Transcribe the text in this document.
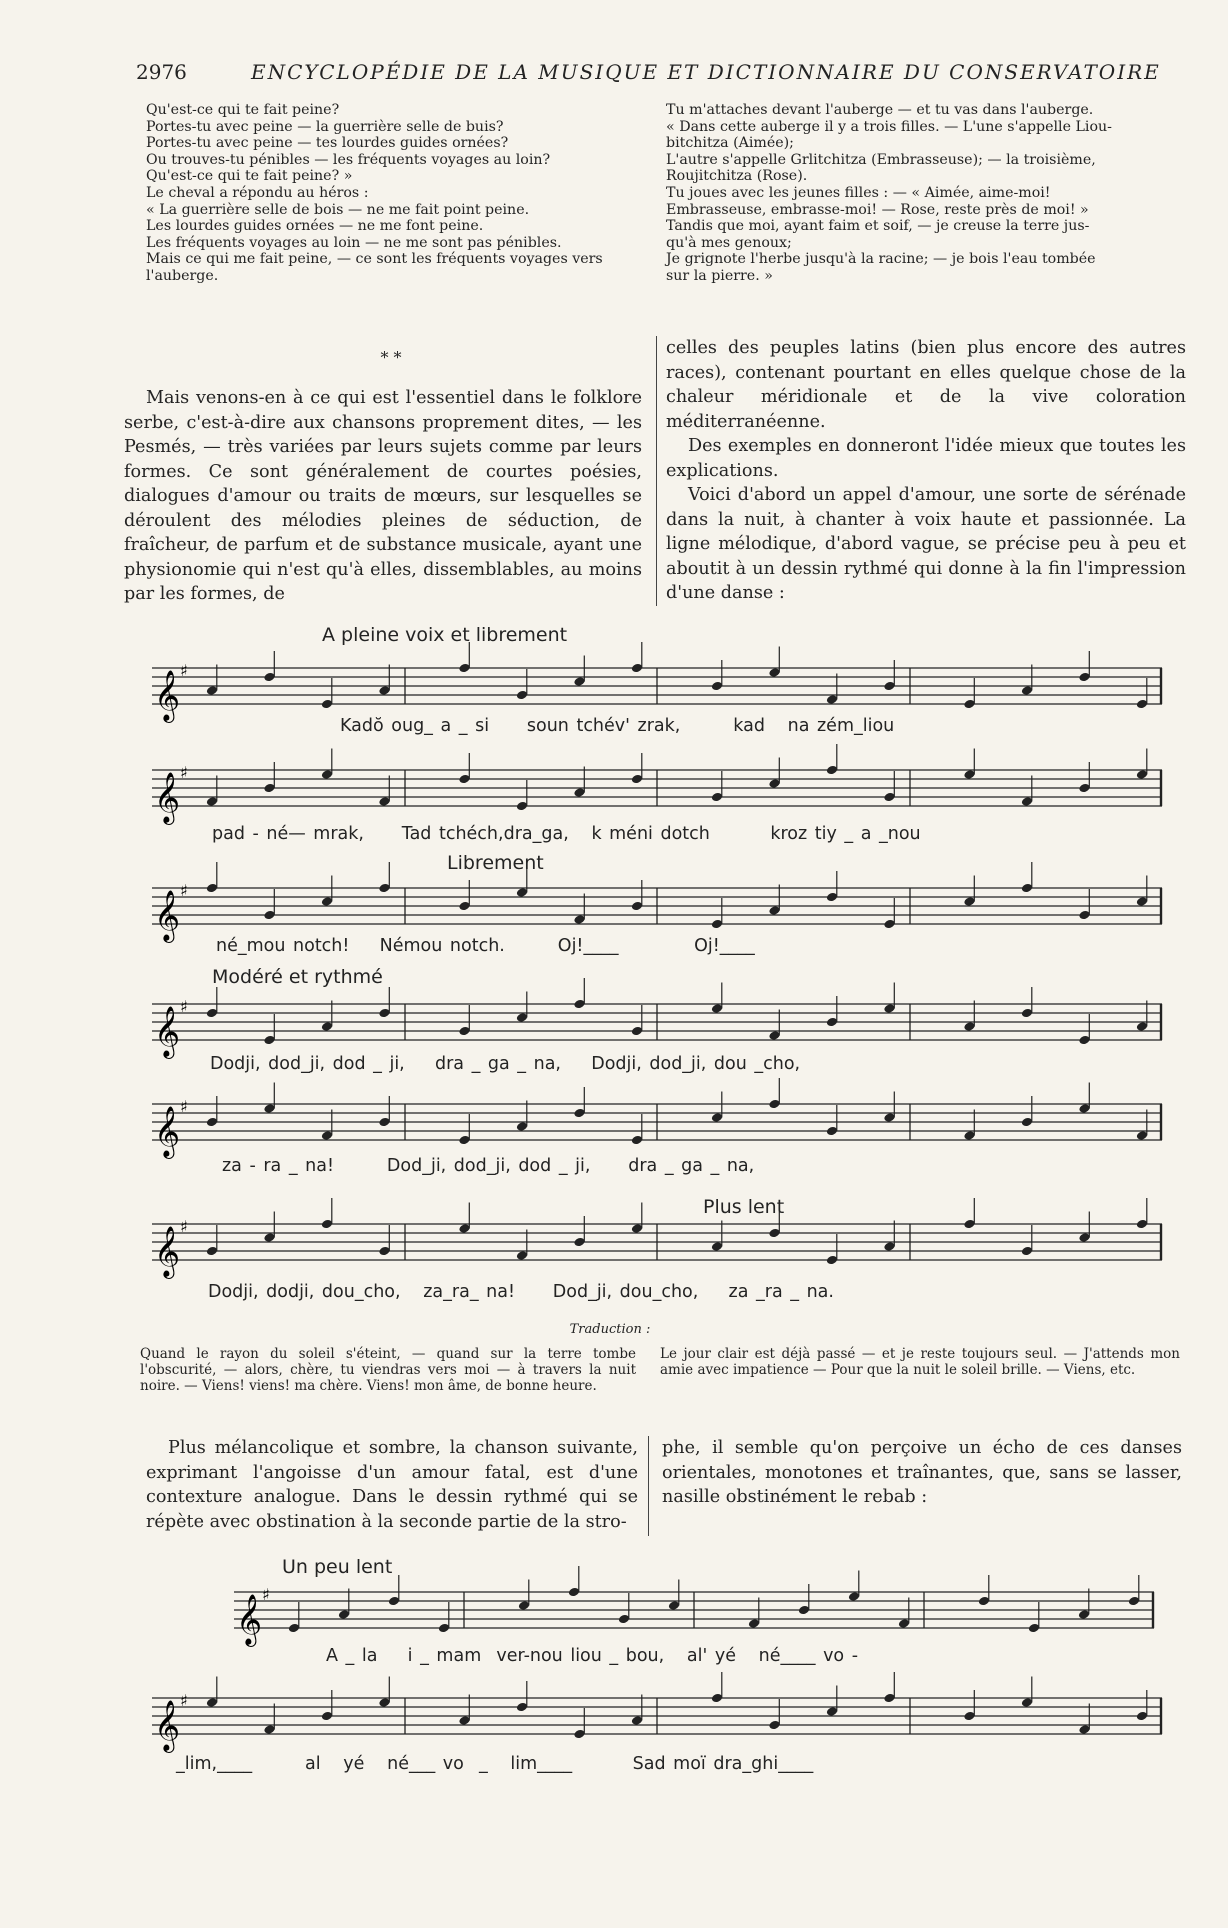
2976	ENCYCLOPÉDIE DE LA MUSIQUE ET DICTIONNAIRE DU CONSERVATOIRE
Qu'est-ce qui te fait peine?
Portes-tu avec peine — la guerrière selle de buis?
Portes-tu avec peine — tes lourdes guides ornées?
Ou trouves-tu pénibles — les fréquents voyages au loin?
Qu'est-ce qui te fait peine? »
Le cheval a répondu au héros :
« La guerrière selle de bois — ne me fait point peine.
Les lourdes guides ornées — ne me font peine.
Les fréquents voyages au loin — ne me sont pas pénibles.
Mais ce qui me fait peine, — ce sont les fréquents voyages vers
l'auberge.
Tu m'attaches devant l'auberge — et tu vas dans l'auberge.
« Dans cette auberge il y a trois filles. — L'une s'appelle Liou-
bitchitza (Aimée);
L'autre s'appelle Grlitchitza (Embrasseuse); — la troisième,
Roujitchitza (Rose).
Tu joues avec les jeunes filles : — « Aimée, aime-moi!
Embrasseuse, embrasse-moi! — Rose, reste près de moi! »
Tandis que moi, ayant faim et soif, — je creuse la terre jus-
qu'à mes genoux;
Je grignote l'herbe jusqu'à la racine; — je bois l'eau tombée
sur la pierre. »
* *

Mais venons-en à ce qui est l'essentiel dans le folklore serbe, c'est-à-dire aux chansons proprement dites, — les Pesmés, — très variées par leurs sujets comme par leurs formes. Ce sont généralement de courtes poésies, dialogues d'amour ou traits de mœurs, sur lesquelles se déroulent des mélodies pleines de séduction, de fraîcheur, de parfum et de substance musicale, ayant une physionomie qui n'est qu'à elles, dissemblables, au moins par les formes, de

celles des peuples latins (bien plus encore des autres races), contenant pourtant en elles quelque chose de la chaleur méridionale et de la vive coloration méditerranéenne.

Des exemples en donneront l'idée mieux que toutes les explications.

Voici d'abord un appel d'amour, une sorte de sérénade dans la nuit, à chanter à voix haute et passionnée. La ligne mélodique, d'abord vague, se précise peu à peu et aboutit à un dessin rythmé qui donne à la fin l'impression d'une danse :

A pleine voix et librement
𝄞 ♯
Kadŏ oug_ a _ si     soun tchév' zrak,       kad   na zém_liou
𝄞 ♯
pad - né— mrak,     Tad tchéch,dra_ga,   k méni dotch        kroz tiy _ a _nou
Librement
𝄞 ♯
né_mou notch!    Némou notch.       Oj!____          Oj!____
Modéré et rythmé
𝄞 ♯
Dodji, dod_ji, dod _ ji,    dra _ ga _ na,    Dodji, dod_ji, dou _cho,
𝄞 ♯
za - ra _ na!       Dod_ji, dod_ji, dod _ ji,     dra _ ga _ na,
Plus lent
𝄞 ♯
Dodji, dodji, dou_cho,   za_ra_ na!     Dod_ji, dou_cho,    za _ra _ na.
Traduction :
Quand le rayon du soleil s'éteint, — quand sur la terre tombe l'obscurité, — alors, chère, tu viendras vers moi — à travers la nuit noire. — Viens! viens! ma chère. Viens! mon âme, de bonne heure.
Le jour clair est déjà passé — et je reste toujours seul. — J'attends mon amie avec impatience — Pour que la nuit le soleil brille. — Viens, etc.

Plus mélancolique et sombre, la chanson suivante, exprimant l'angoisse d'un amour fatal, est d'une contexture analogue. Dans le dessin rythmé qui se répète avec obstination à la seconde partie de la stro-

phe, il semble qu'on perçoive un écho de ces danses orientales, monotones et traînantes, que, sans se lasser, nasille obstinément le rebab :

Un peu lent
𝄞 ♯
A _ la    i _ mam  ver-nou liou _ bou,   al' yé   né____ vo -
𝄞 ♯
_lim,____       al   yé   né___ vo  _   lim____        Sad moï dra_ghi____
